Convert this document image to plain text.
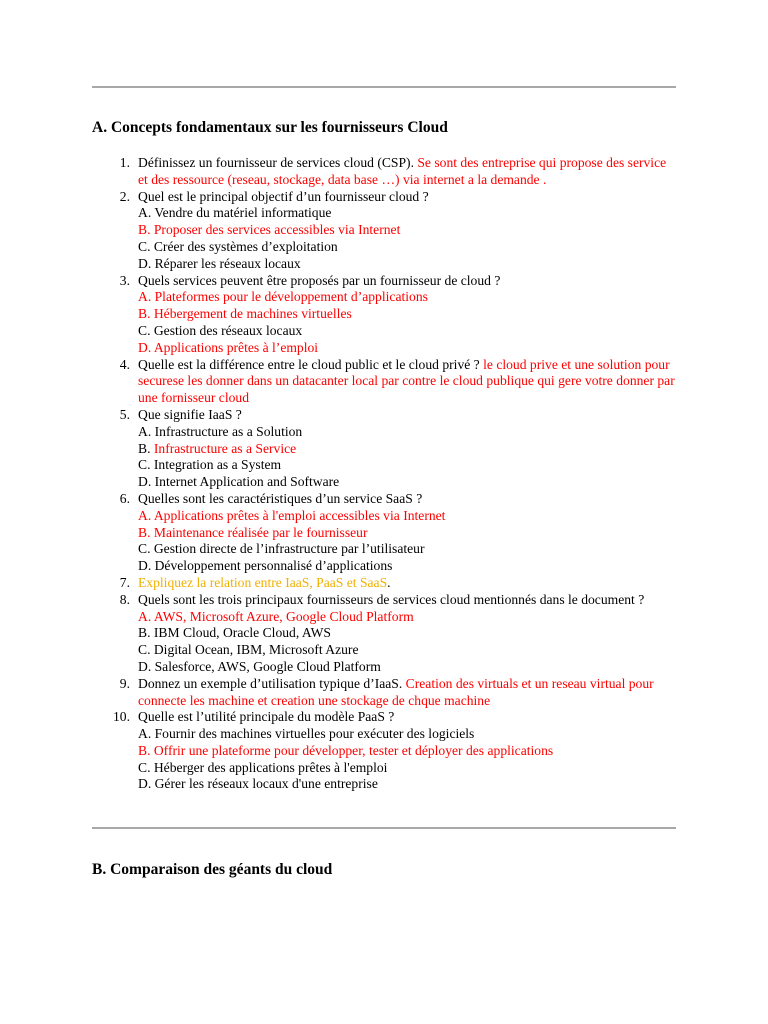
A. Concepts fondamentaux sur les fournisseurs Cloud
1. Définissez un fournisseur de services cloud (CSP). Se sont des entreprise qui propose des service et des ressource (reseau, stockage, data base …) via internet a la demande .
2. Quel est le principal objectif d’un fournisseur cloud ?
A. Vendre du matériel informatique
B. Proposer des services accessibles via Internet
C. Créer des systèmes d’exploitation
D. Réparer les réseaux locaux
3. Quels services peuvent être proposés par un fournisseur de cloud ?
A. Plateformes pour le développement d’applications
B. Hébergement de machines virtuelles
C. Gestion des réseaux locaux
D. Applications prêtes à l’emploi
4. Quelle est la différence entre le cloud public et le cloud privé ? le cloud prive et une solution pour securese les donner dans un datacanter local par contre le cloud publique qui gere votre donner par une fornisseur cloud
5. Que signifie IaaS ?
A. Infrastructure as a Solution
B. Infrastructure as a Service
C. Integration as a System
D. Internet Application and Software
6. Quelles sont les caractéristiques d’un service SaaS ?
A. Applications prêtes à l'emploi accessibles via Internet
B. Maintenance réalisée par le fournisseur
C. Gestion directe de l’infrastructure par l’utilisateur
D. Développement personnalisé d’applications
7. Expliquez la relation entre IaaS, PaaS et SaaS.
8. Quels sont les trois principaux fournisseurs de services cloud mentionnés dans le document ?
A. AWS, Microsoft Azure, Google Cloud Platform
B. IBM Cloud, Oracle Cloud, AWS
C. Digital Ocean, IBM, Microsoft Azure
D. Salesforce, AWS, Google Cloud Platform
9. Donnez un exemple d’utilisation typique d’IaaS. Creation des virtuals et un reseau virtual pour connecte les machine et creation une stockage de chque machine
10. Quelle est l’utilité principale du modèle PaaS ?
A. Fournir des machines virtuelles pour exécuter des logiciels
B. Offrir une plateforme pour développer, tester et déployer des applications
C. Héberger des applications prêtes à l'emploi
D. Gérer les réseaux locaux d'une entreprise
B. Comparaison des géants du cloud
